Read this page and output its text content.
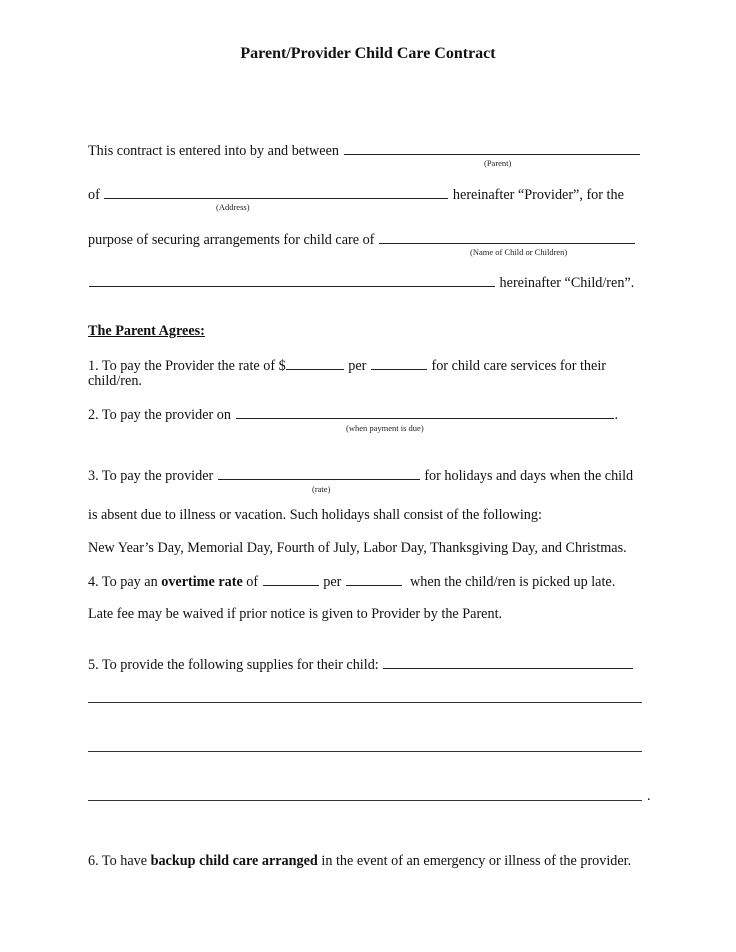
Parent/Provider Child Care Contract
This contract is entered into by and between
(Parent)
of	hereinafter “Provider”, for the
(Address)
purpose of securing arrangements for child care of
(Name of Child or Children)
hereinafter “Child/ren”.
The Parent Agrees:
1. To pay the Provider the rate of $	per	for child care services for their
child/ren.
2. To pay the provider on	.
(when payment is due)
3. To pay the provider	for holidays and days when the child
(rate)
is absent due to illness or vacation. Such holidays shall consist of the following:
New Year’s Day, Memorial Day, Fourth of July, Labor Day, Thanksgiving Day, and Christmas.
4. To pay an overtime rate of	per	when the child/ren is picked up late.
Late fee may be waived if prior notice is given to Provider by the Parent.
5. To provide the following supplies for their child:
.
6. To have backup child care arranged in the event of an emergency or illness of the provider.
